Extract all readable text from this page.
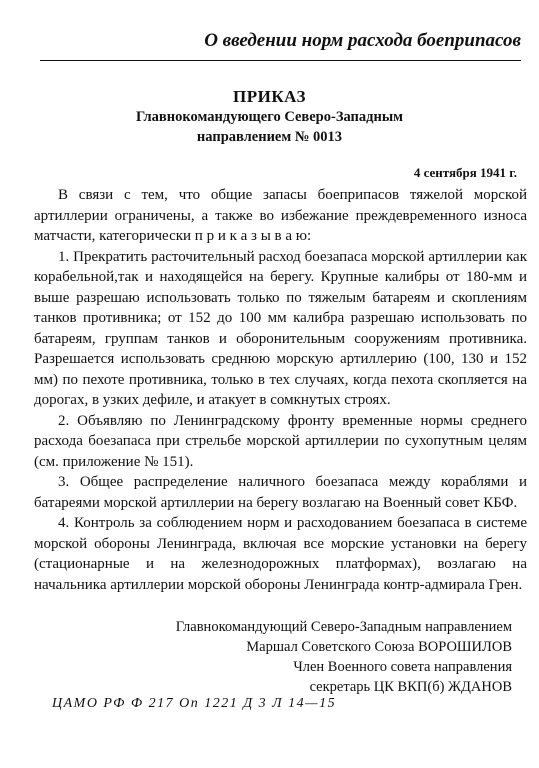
О введении норм расхода боеприпасов
ПРИКАЗ
Главнокомандующего Северо-Западным
направлением № 0013
4 сентября 1941 г.

В связи с тем, что общие запасы боеприпасов тяжелой морской артиллерии ограничены, а также во избежание преждевременного износа матчасти, категорически п р и к а з ы в а ю:

1. Прекратить расточительный расход боезапаса морской артиллерии как корабельной,так и находящейся на берегу. Крупные калибры от 180-мм и выше разрешаю использовать только по тяжелым батареям и скоплениям танков противника; от 152 до 100 мм калибра разрешаю использовать по батареям, группам танков и оборонительным сооружениям противника. Разрешается использовать среднюю морскую артиллерию (100, 130 и 152 мм) по пехоте противника, только в тех случаях, когда пехота скопляется на дорогах, в узких дефиле, и атакует в сомкнутых строях.

2. Объявляю по Ленинградскому фронту временные нормы среднего расхода боезапаса при стрельбе морской артиллерии по сухопутным целям (см. приложение № 151).

3. Общее распределение наличного боезапаса между кораблями и батареями морской артиллерии на берегу возлагаю на Военный совет КБФ.

4. Контроль за соблюдением норм и расходованием боезапаса в системе морской обороны Ленинграда, включая все морские установки на берегу (стационарные и на железнодорожных платформах), возлагаю на начальника артиллерии морской обороны Ленинграда контр-адмирала Грен.

Главнокомандующий Северо-Западным направлением
Маршал Советского Союза ВОРОШИЛОВ
Член Военного совета направления
секретарь ЦК ВКП(б) ЖДАНОВ
ЦАМО РФ Ф 217 Оп 1221 Д 3 Л 14—15
